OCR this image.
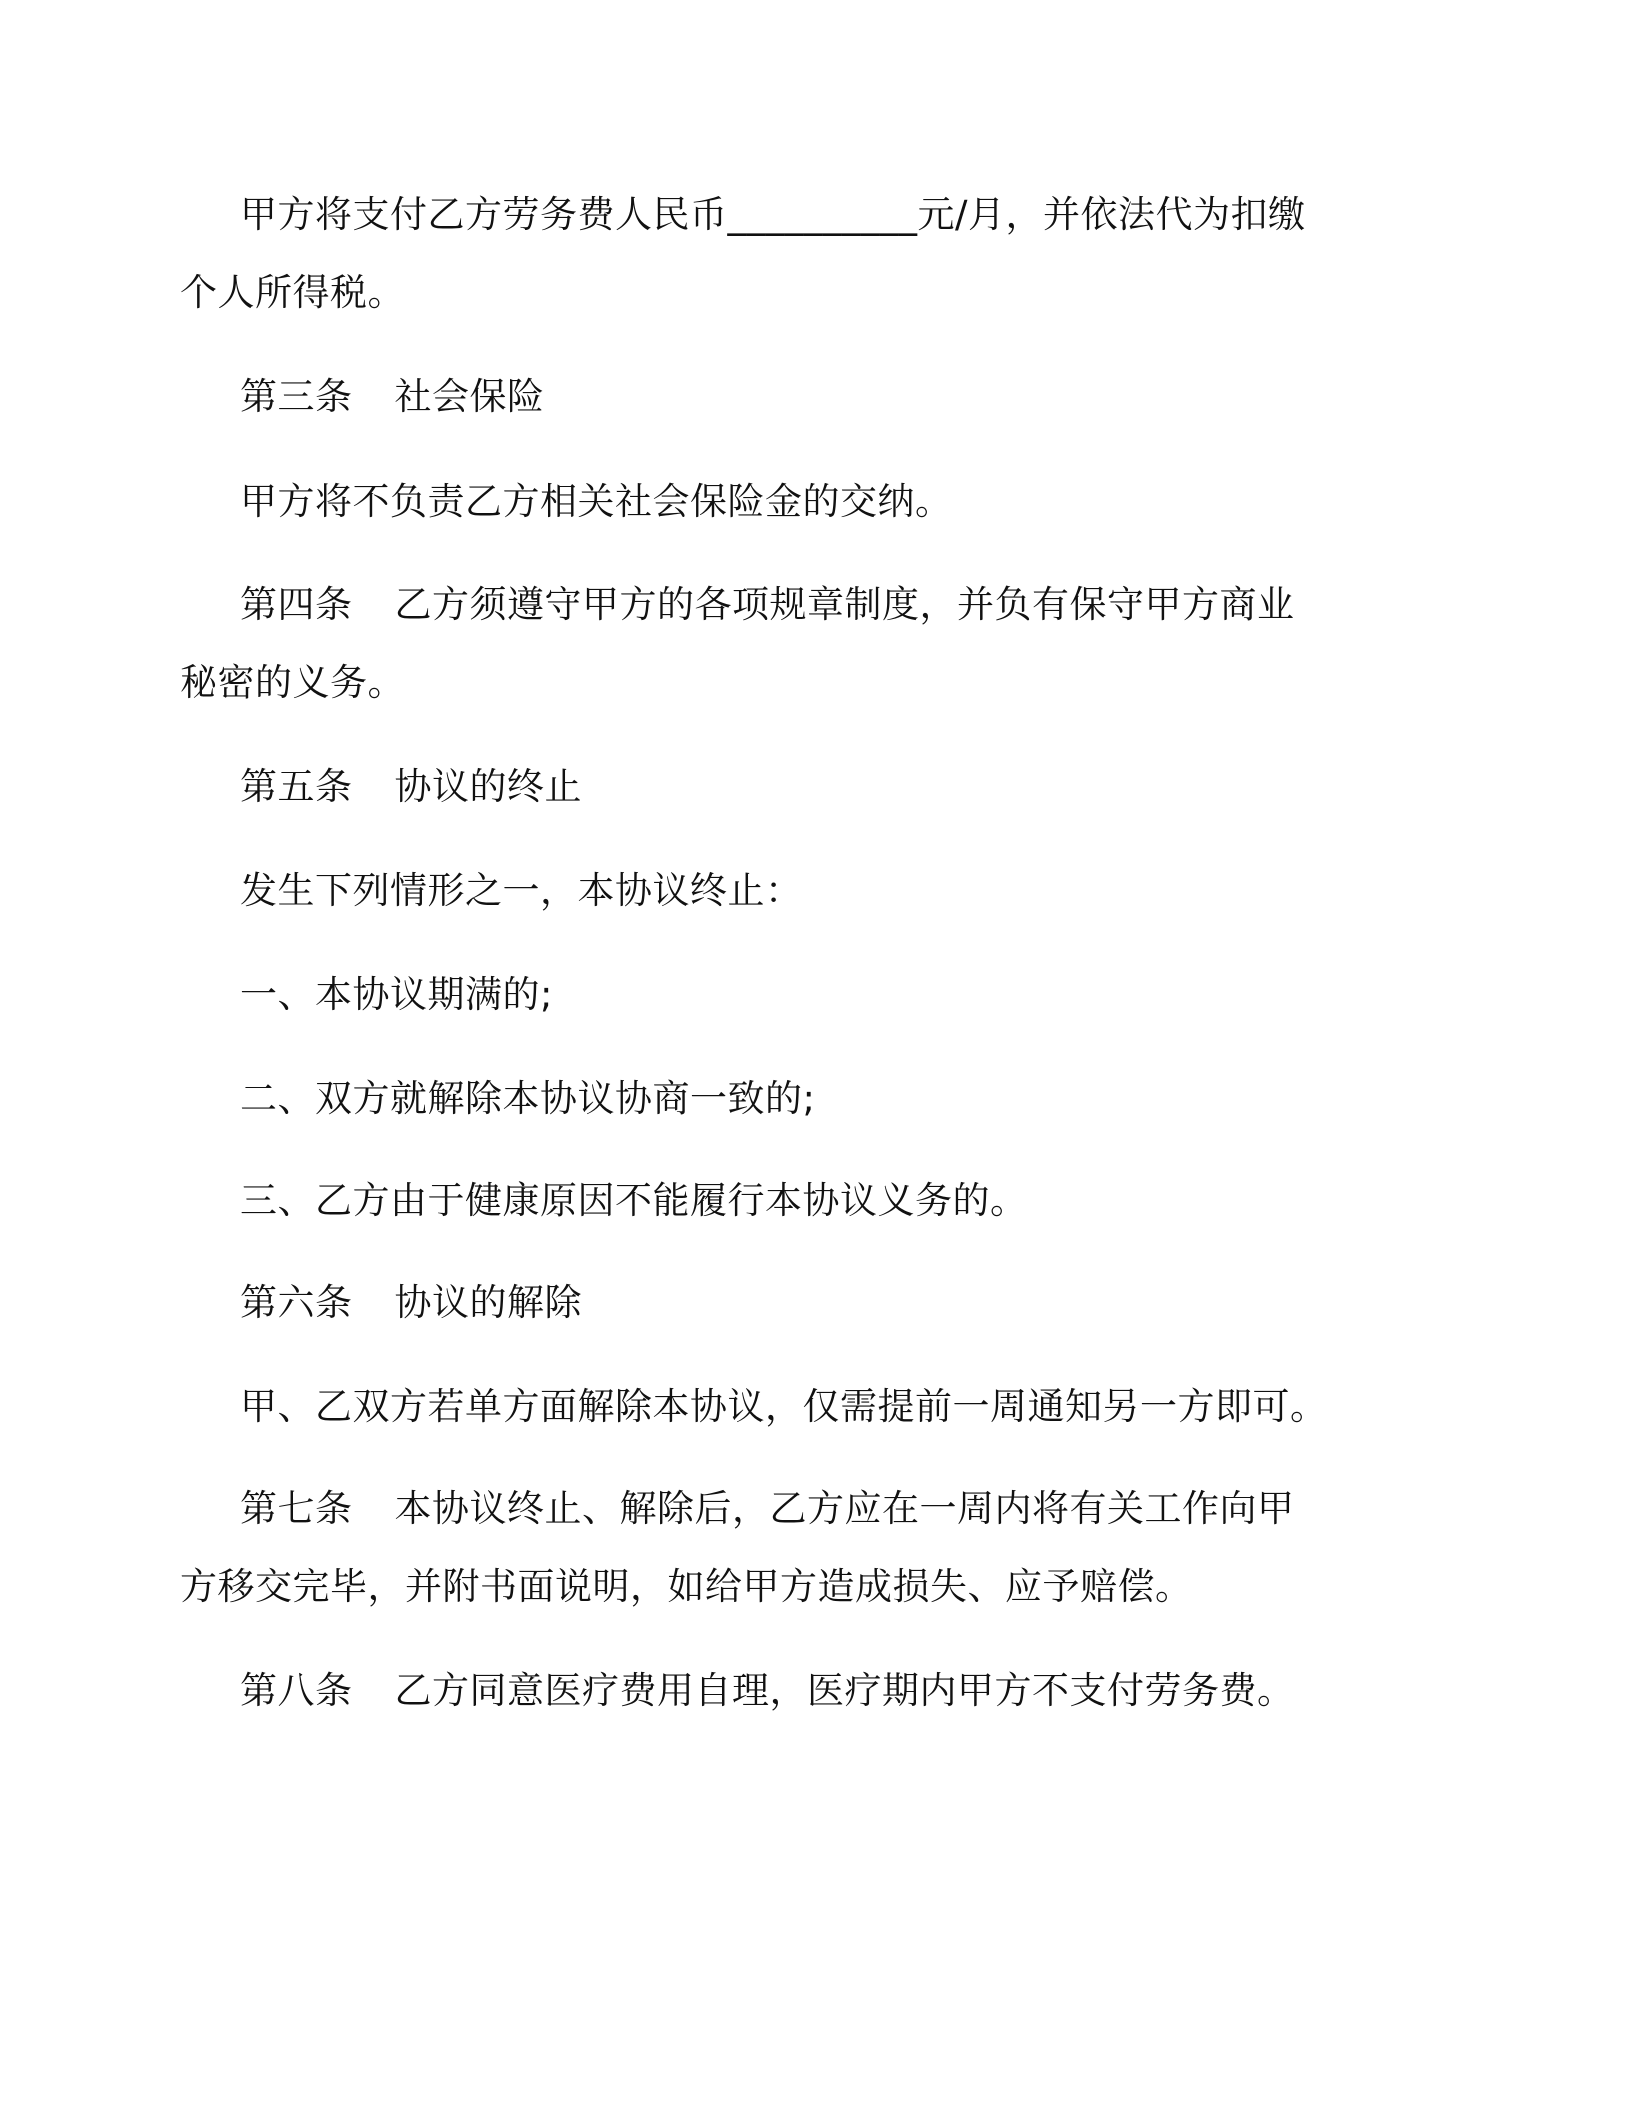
甲方将支付乙方劳务费人民币__________元/月，并依法代为扣缴
个人所得税。
第三条 社会保险
甲方将不负责乙方相关社会保险金的交纳。
第四条 乙方须遵守甲方的各项规章制度，并负有保守甲方商业
秘密的义务。
第五条 协议的终止
发生下列情形之一，本协议终止：
一、本协议期满的;
二、双方就解除本协议协商一致的;
三、乙方由于健康原因不能履行本协议义务的。
第六条 协议的解除
甲、乙双方若单方面解除本协议，仅需提前一周通知另一方即可。
第七条 本协议终止、解除后，乙方应在一周内将有关工作向甲
方移交完毕，并附书面说明，如给甲方造成损失、应予赔偿。
第八条 乙方同意医疗费用自理，医疗期内甲方不支付劳务费。
